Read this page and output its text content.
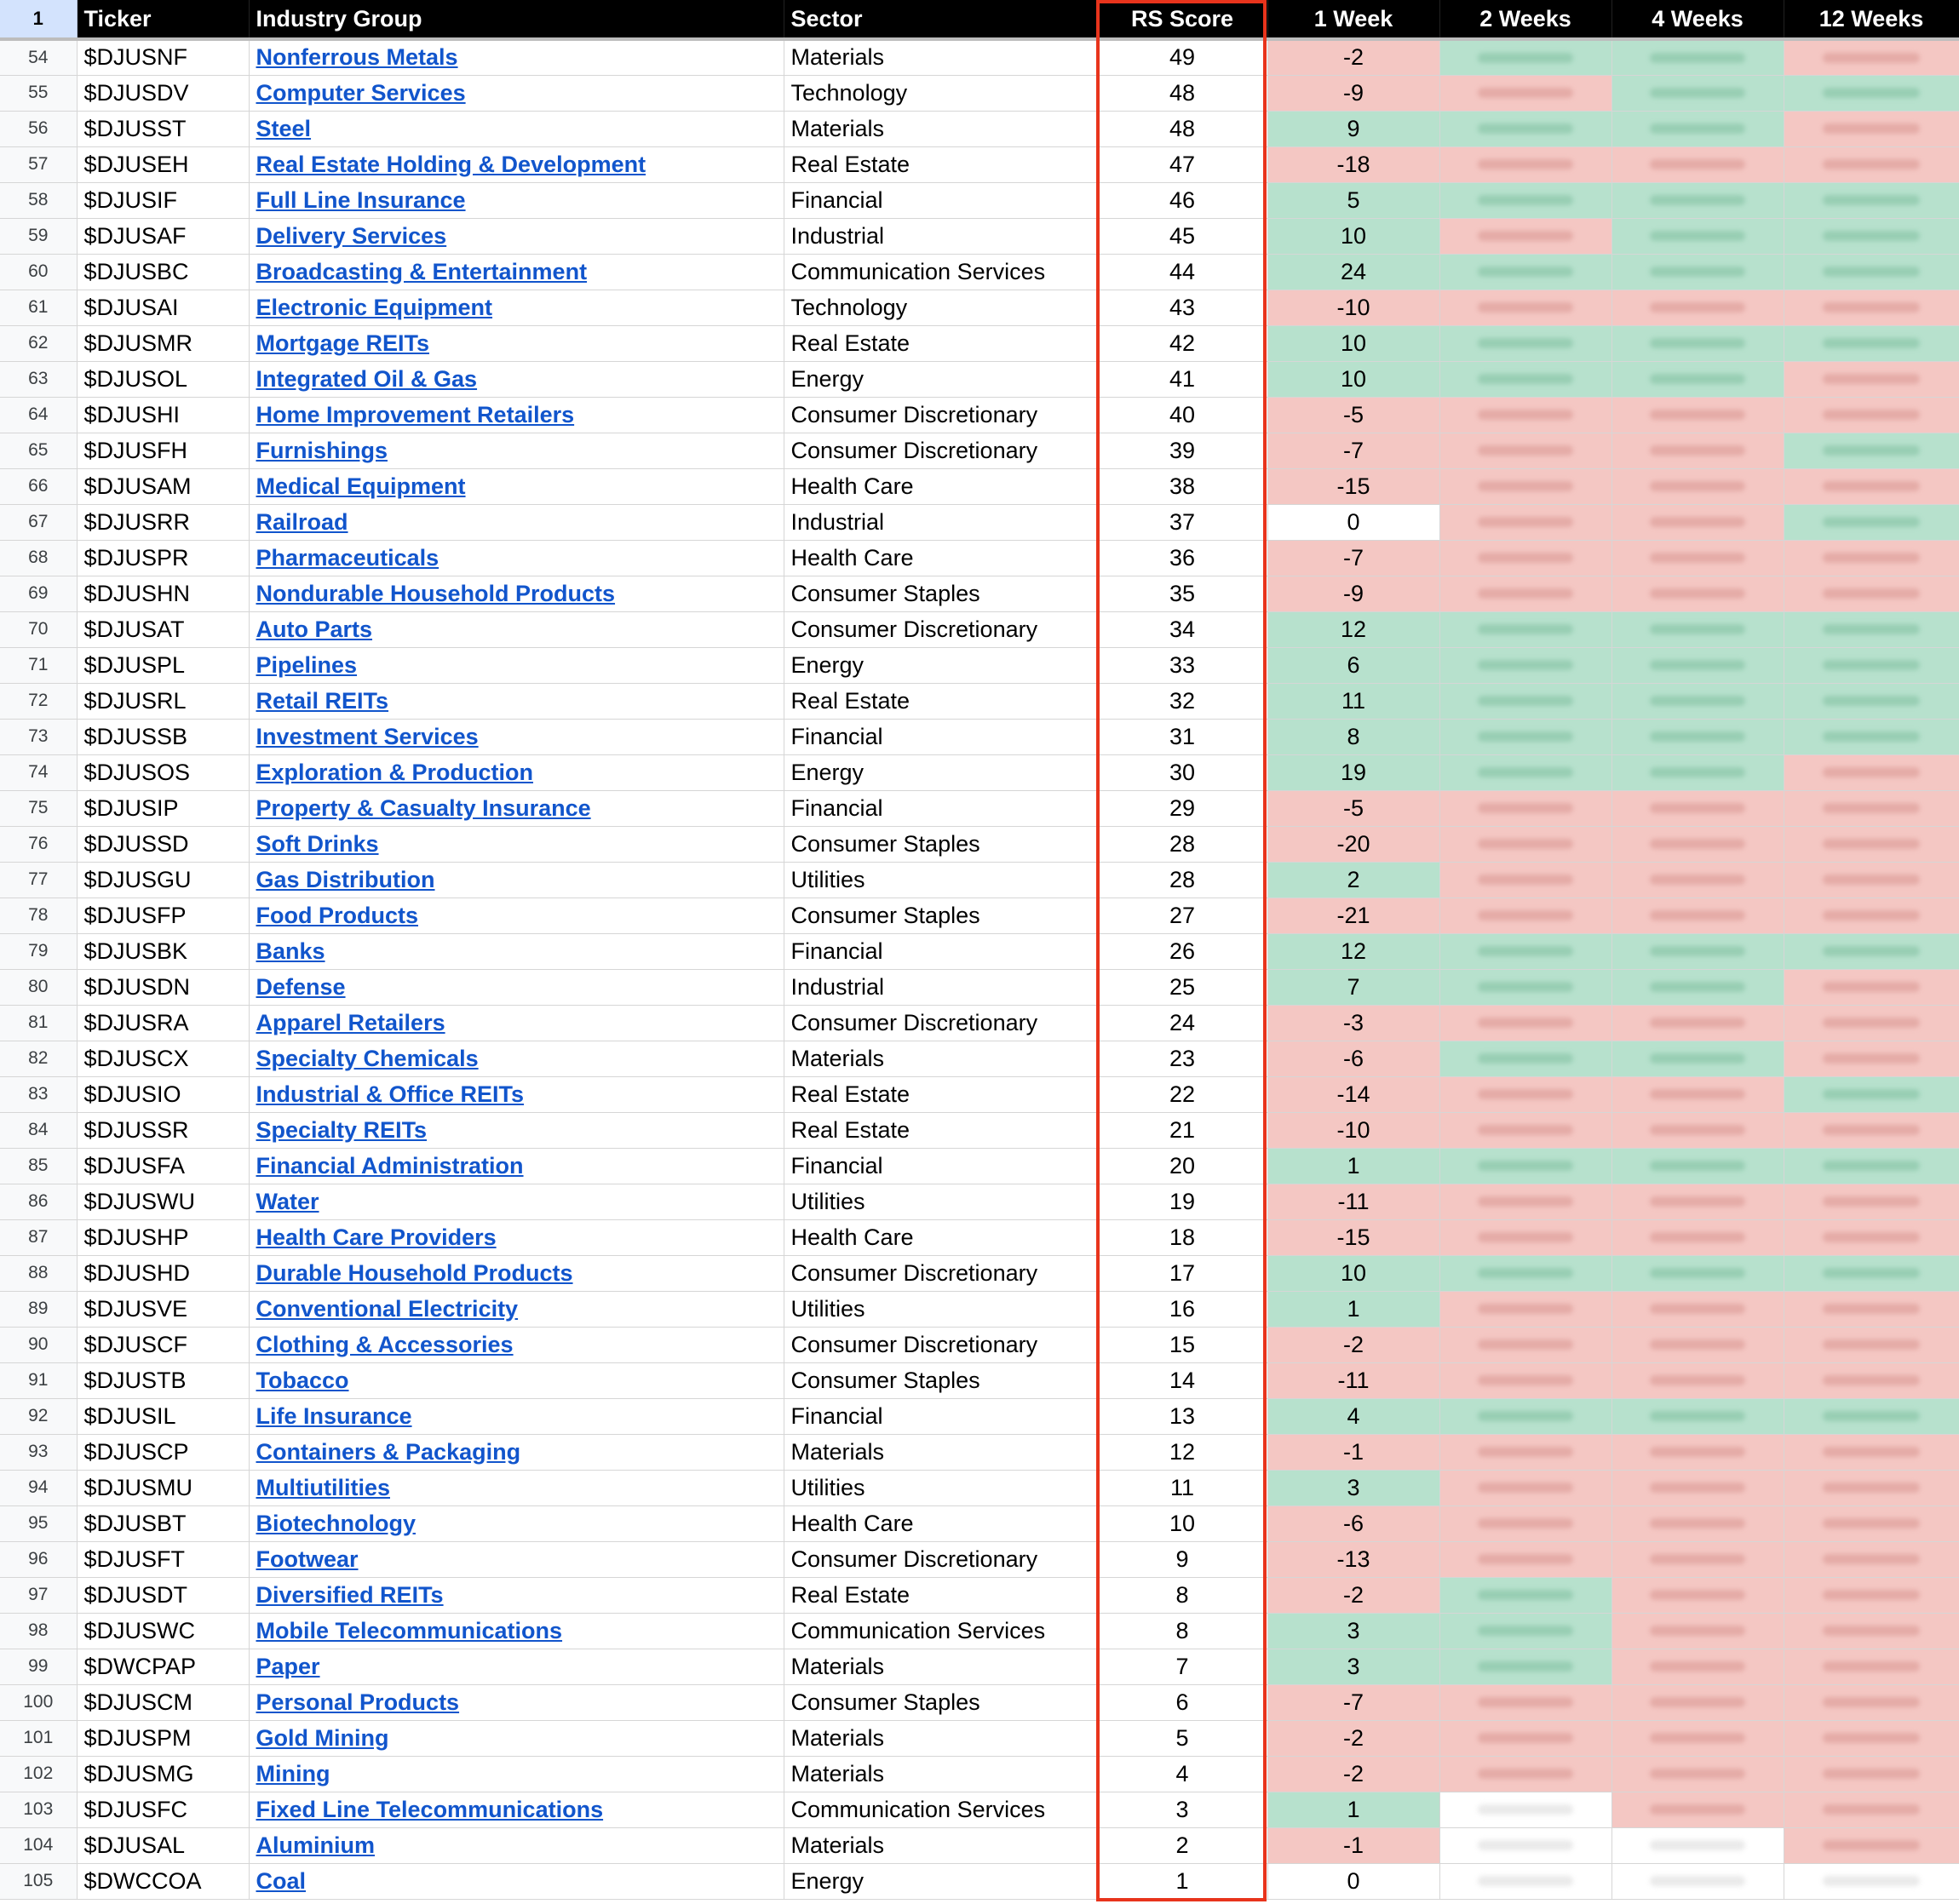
1	Ticker	Industry Group	Sector	RS Score	1 Week	2 Weeks	4 Weeks	12 Weeks
54	$DJUSNF	Nonferrous Metals	Materials	49	-2	

55	$DJUSDV	Computer Services	Technology	48	-9	

56	$DJUSST	Steel	Materials	48	9	

57	$DJUSEH	Real Estate Holding & Development	Real Estate	47	-18	

58	$DJUSIF	Full Line Insurance	Financial	46	5	

59	$DJUSAF	Delivery Services	Industrial	45	10	

60	$DJUSBC	Broadcasting & Entertainment	Communication Services	44	24	

61	$DJUSAI	Electronic Equipment	Technology	43	-10	

62	$DJUSMR	Mortgage REITs	Real Estate	42	10	

63	$DJUSOL	Integrated Oil & Gas	Energy	41	10	

64	$DJUSHI	Home Improvement Retailers	Consumer Discretionary	40	-5	

65	$DJUSFH	Furnishings	Consumer Discretionary	39	-7	

66	$DJUSAM	Medical Equipment	Health Care	38	-15	

67	$DJUSRR	Railroad	Industrial	37	0	

68	$DJUSPR	Pharmaceuticals	Health Care	36	-7	

69	$DJUSHN	Nondurable Household Products	Consumer Staples	35	-9	

70	$DJUSAT	Auto Parts	Consumer Discretionary	34	12	

71	$DJUSPL	Pipelines	Energy	33	6	

72	$DJUSRL	Retail REITs	Real Estate	32	11	

73	$DJUSSB	Investment Services	Financial	31	8	

74	$DJUSOS	Exploration & Production	Energy	30	19	

75	$DJUSIP	Property & Casualty Insurance	Financial	29	-5	

76	$DJUSSD	Soft Drinks	Consumer Staples	28	-20	

77	$DJUSGU	Gas Distribution	Utilities	28	2	

78	$DJUSFP	Food Products	Consumer Staples	27	-21	

79	$DJUSBK	Banks	Financial	26	12	

80	$DJUSDN	Defense	Industrial	25	7	

81	$DJUSRA	Apparel Retailers	Consumer Discretionary	24	-3	

82	$DJUSCX	Specialty Chemicals	Materials	23	-6	

83	$DJUSIO	Industrial & Office REITs	Real Estate	22	-14	

84	$DJUSSR	Specialty REITs	Real Estate	21	-10	

85	$DJUSFA	Financial Administration	Financial	20	1	

86	$DJUSWU	Water	Utilities	19	-11	

87	$DJUSHP	Health Care Providers	Health Care	18	-15	

88	$DJUSHD	Durable Household Products	Consumer Discretionary	17	10	

89	$DJUSVE	Conventional Electricity	Utilities	16	1	

90	$DJUSCF	Clothing & Accessories	Consumer Discretionary	15	-2	

91	$DJUSTB	Tobacco	Consumer Staples	14	-11	

92	$DJUSIL	Life Insurance	Financial	13	4	

93	$DJUSCP	Containers & Packaging	Materials	12	-1	

94	$DJUSMU	Multiutilities	Utilities	11	3	

95	$DJUSBT	Biotechnology	Health Care	10	-6	

96	$DJUSFT	Footwear	Consumer Discretionary	9	-13	

97	$DJUSDT	Diversified REITs	Real Estate	8	-2	

98	$DJUSWC	Mobile Telecommunications	Communication Services	8	3	

99	$DWCPAP	Paper	Materials	7	3	

100	$DJUSCM	Personal Products	Consumer Staples	6	-7	

101	$DJUSPM	Gold Mining	Materials	5	-2	

102	$DJUSMG	Mining	Materials	4	-2	

103	$DJUSFC	Fixed Line Telecommunications	Communication Services	3	1	

104	$DJUSAL	Aluminium	Materials	2	-1	

105	$DWCCOA	Coal	Energy	1	0	
